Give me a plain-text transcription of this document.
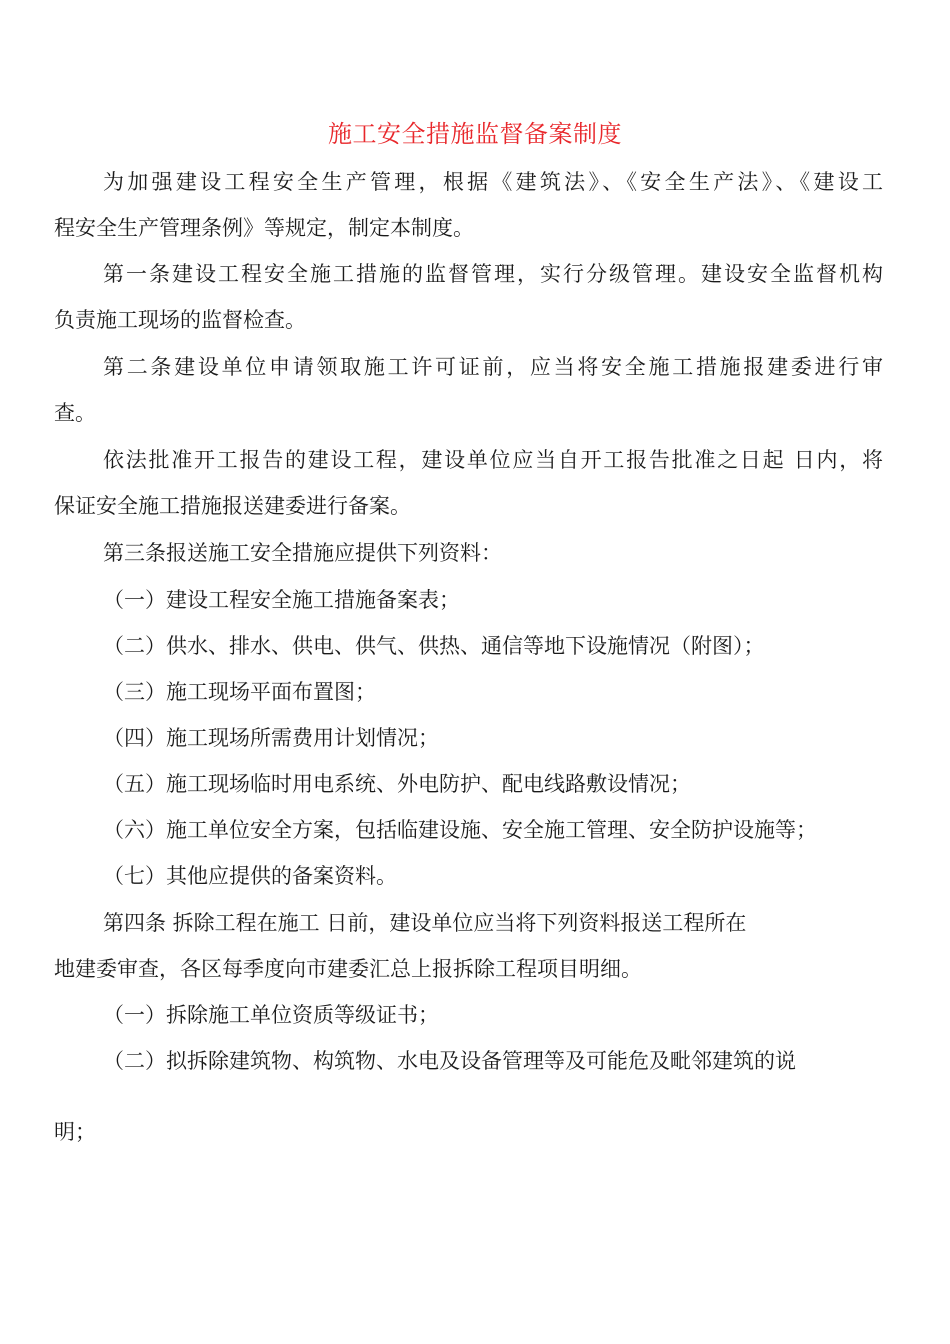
施工安全措施监督备案制度
为加强建设工程安全生产管理，根据《建筑法》、《安全生产法》、《建设工
程安全生产管理条例》等规定，制定本制度。
第一条建设工程安全施工措施的监督管理，实行分级管理。建设安全监督机构
负责施工现场的监督检查。
第二条建设单位申请领取施工许可证前，应当将安全施工措施报建委进行审
查。
依法批准开工报告的建设工程，建设单位应当自开工报告批准之日起 日内，将
保证安全施工措施报送建委进行备案。
第三条报送施工安全措施应提供下列资料：
（一）建设工程安全施工措施备案表；
（二）供水、排水、供电、供气、供热、通信等地下设施情况（附图）；
（三）施工现场平面布置图；
（四）施工现场所需费用计划情况；
（五）施工现场临时用电系统、外电防护、配电线路敷设情况；
（六）施工单位安全方案，包括临建设施、安全施工管理、安全防护设施等；
（七）其他应提供的备案资料。
第四条 拆除工程在施工 日前，建设单位应当将下列资料报送工程所在
地建委审查，各区每季度向市建委汇总上报拆除工程项目明细。
（一）拆除施工单位资质等级证书；
（二）拟拆除建筑物、构筑物、水电及设备管理等及可能危及毗邻建筑的说
明；
